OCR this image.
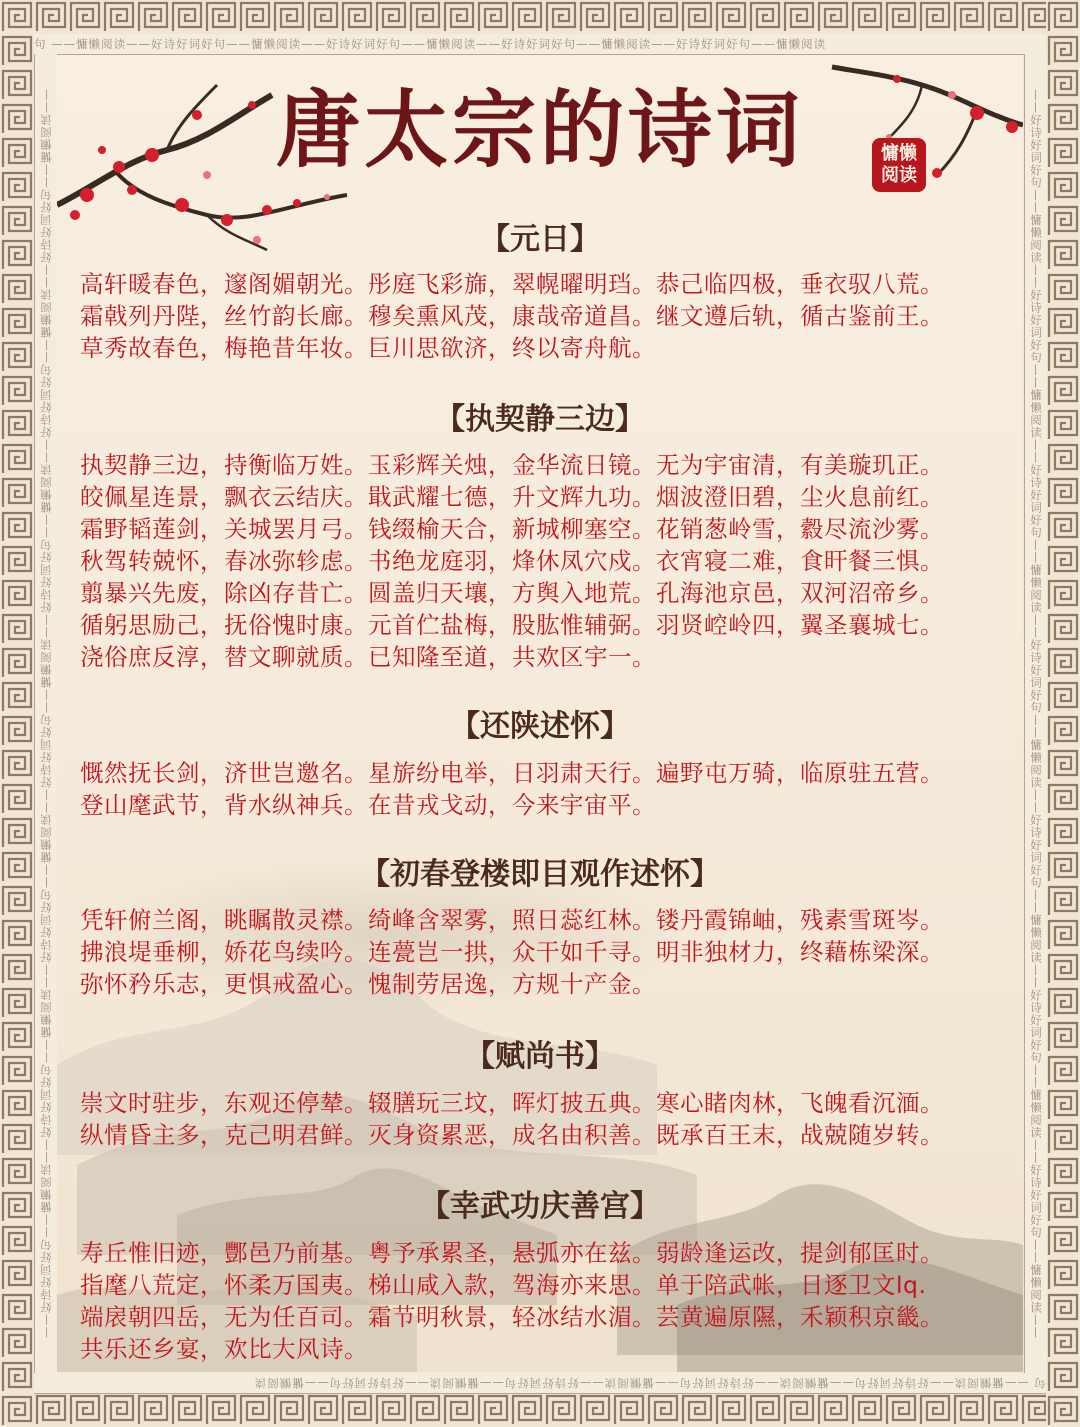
句 ——慵懒阅读——好诗好词好句——慵懒阅读——好诗好词好句——慵懒阅读——好诗好词好句——慵懒阅读——好诗好词好句——慵懒阅读
句 ——慵懒阅读——好诗好词好句——慵懒阅读——好诗好词好句——慵懒阅读——好诗好词好句——慵懒阅读——好诗好词好句——慵懒阅读
——好诗好词好句——慵懒阅读——好诗好词好句——慵懒阅读——好诗好词好句——慵懒阅读——好诗好词好句——慵懒阅读——好诗好词好句——慵懒阅读——好诗好词好句——慵懒阅读——好诗好词好句——慵懒阅读——	——好诗好词好句——慵懒阅读——好诗好词好句——慵懒阅读——好诗好词好句——慵懒阅读——好诗好词好句——慵懒阅读——好诗好词好句——慵懒阅读——好诗好词好句——慵懒阅读——好诗好词好句——慵懒阅读——
唐太宗的诗词	慵懒
阅读
【元日】
高轩暖春色，邃阁媚朝光。彤庭飞彩旆，翠幌曜明珰。恭己临四极，垂衣驭八荒。
霜戟列丹陛，丝竹韵长廊。穆矣熏风茂，康哉帝道昌。继文遵后轨，循古鉴前王。
草秀故春色，梅艳昔年妆。巨川思欲济，终以寄舟航。
【执契静三边】
执契静三边，持衡临万姓。玉彩辉关烛，金华流日镜。无为宇宙清，有美璇玑正。
皎佩星连景，飘衣云结庆。戢武耀七德，升文辉九功。烟波澄旧碧，尘火息前红。
霜野韬莲剑，关城罢月弓。钱缀榆天合，新城柳塞空。花销葱岭雪，縠尽流沙雾。
秋驾转兢怀，春冰弥轸虑。书绝龙庭羽，烽休凤穴戍。衣宵寝二难，食旰餐三惧。
翦暴兴先废，除凶存昔亡。圆盖归天壤，方舆入地荒。孔海池京邑，双河沼帝乡。
循躬思励己，抚俗愧时康。元首伫盐梅，股肱惟辅弼。羽贤崆岭四，翼圣襄城七。
浇俗庶反淳，替文聊就质。已知隆至道，共欢区宇一。
【还陕述怀】
慨然抚长剑，济世岂邀名。星旂纷电举，日羽肃天行。遍野屯万骑，临原驻五营。
登山麾武节，背水纵神兵。在昔戎戈动，今来宇宙平。
【初春登楼即目观作述怀】
凭轩俯兰阁，眺瞩散灵襟。绮峰含翠雾，照日蕊红林。镂丹霞锦岫，残素雪斑岑。
拂浪堤垂柳，娇花鸟续吟。连甍岂一拱，众干如千寻。明非独材力，终藉栋梁深。
弥怀矜乐志，更惧戒盈心。愧制劳居逸，方规十产金。
【赋尚书】
崇文时驻步，东观还停辇。辍膳玩三坟，晖灯披五典。寒心睹肉林，飞魄看沉湎。
纵情昏主多，克己明君鲜。灭身资累恶，成名由积善。既承百王末，战兢随岁转。
【幸武功庆善宫】
寿丘惟旧迹，酆邑乃前基。粤予承累圣，悬弧亦在兹。弱龄逢运改，提剑郁匡时。
指麾八荒定，怀柔万国夷。梯山咸入款，驾海亦来思。单于陪武帐，日逐卫文lq.
端扆朝四岳，无为任百司。霜节明秋景，轻冰结水湄。芸黄遍原隰，禾颖积京畿。
共乐还乡宴，欢比大风诗。
